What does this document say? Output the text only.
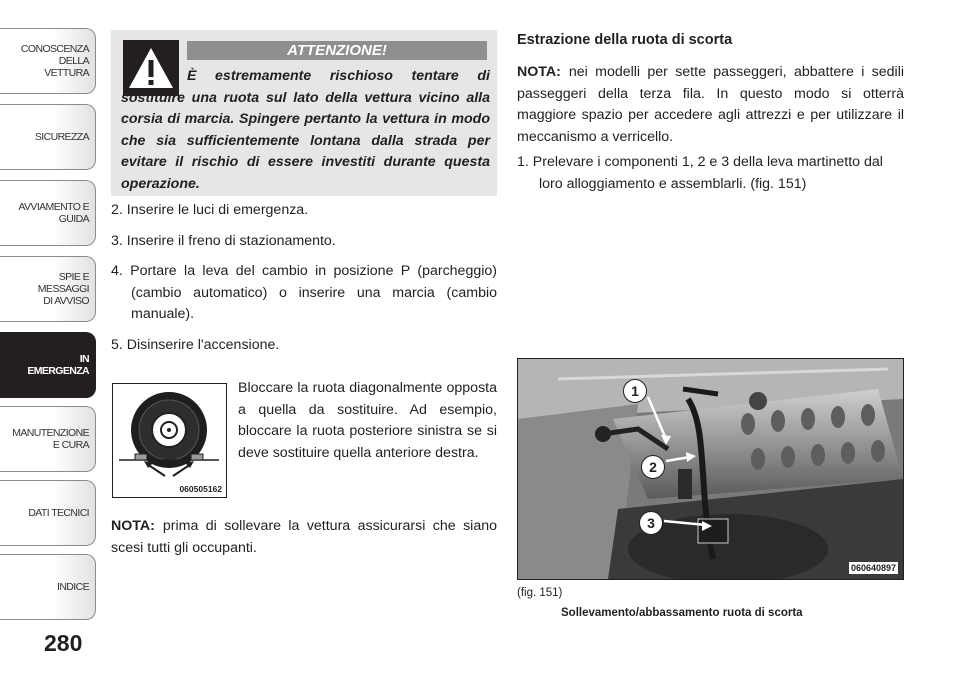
CONOSCENZA DELLA
VETTURA
SICUREZZA
AVVIAMENTO E
GUIDA
SPIE E
MESSAGGI
DI AVVISO
IN
EMERGENZA
MANUTENZIONE
E CURA
DATI TECNICI
INDICE
280
ATTENZIONE!

È estremamente rischioso tentare di sostituire una ruota sul lato della vettura vicino alla corsia di marcia. Spingere pertanto la vettura in modo che sia sufficientemente lontana dalla strada per evitare il rischio di essere investiti durante questa operazione.

2. Inserire le luci di emergenza.

3. Inserire il freno di stazionamento.

4. Portare la leva del cambio in posizione P (parcheggio) (cambio automatico) o inserire una marcia (cambio manuale).

5. Disinserire l'accensione.

060505162

Bloccare la ruota diagonalmente opposta a quella da sostituire. Ad esempio, bloccare la ruota posteriore sinistra se si deve sostituire quella anteriore destra.

NOTA: prima di sollevare la vettura assicurarsi che siano scesi tutti gli occupanti.

Estrazione della ruota di scorta

NOTA: nei modelli per sette passeggeri, abbattere i sedili passeggeri della terza fila. In questo modo si otterrà maggiore spazio per accedere agli attrezzi e per utilizzare il meccanismo a verricello.

1. Prelevare i componenti 1, 2 e 3 della leva martinetto dal loro alloggiamento e assemblarli. (fig. 151)

1
2
3
060640897
(fig. 151)
Sollevamento/abbassamento ruota di scorta
